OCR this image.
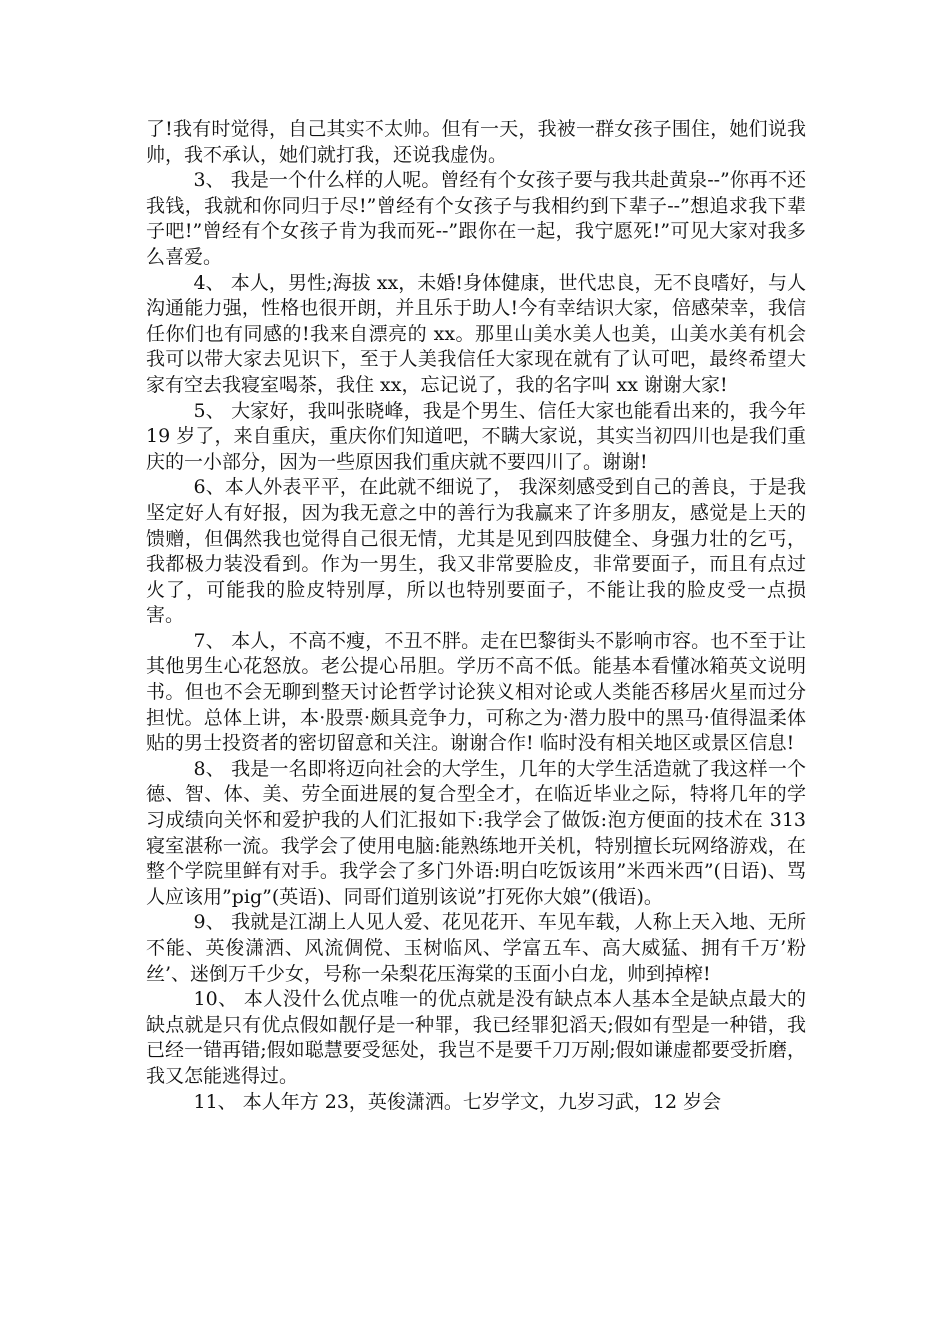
了!我有时觉得，自己其实不太帅。但有一天，我被一群女孩子围住，她们说我帅，我不承认，她们就打我，还说我虚伪。

3、 我是一个什么样的人呢。曾经有个女孩子要与我共赴黄泉--”你再不还我钱，我就和你同归于尽!”曾经有个女孩子与我相约到下辈子--”想追求我下辈子吧!”曾经有个女孩子肯为我而死--”跟你在一起，我宁愿死!”可见大家对我多么喜爱。

4、 本人，男性;海拔 xx，未婚!身体健康，世代忠良，无不良嗜好，与人沟通能力强，性格也很开朗，并且乐于助人!今有幸结识大家，倍感荣幸，我信任你们也有同感的!我来自漂亮的 xx。那里山美水美人也美，山美水美有机会我可以带大家去见识下，至于人美我信任大家现在就有了认可吧，最终希望大家有空去我寝室喝茶，我住 xx，忘记说了，我的名字叫 xx 谢谢大家!

5、 大家好，我叫张晓峰，我是个男生、信任大家也能看出来的，我今年 19 岁了，来自重庆，重庆你们知道吧，不瞒大家说，其实当初四川也是我们重庆的一小部分，因为一些原因我们重庆就不要四川了。谢谢!

6、本人外表平平，在此就不细说了， 我深刻感受到自己的善良，于是我坚定好人有好报，因为我无意之中的善行为我赢来了许多朋友，感觉是上天的馈赠，但偶然我也觉得自己很无情，尤其是见到四肢健全、身强力壮的乞丐，我都极力装没看到。作为一男生，我又非常要脸皮，非常要面子，而且有点过火了，可能我的脸皮特别厚，所以也特别要面子，不能让我的脸皮受一点损害。

7、 本人，不高不瘦，不丑不胖。走在巴黎街头不影响市容。也不至于让其他男生心花怒放。老公提心吊胆。学历不高不低。能基本看懂冰箱英文说明书。但也不会无聊到整天讨论哲学讨论狭义相对论或人类能否移居火星而过分担忧。总体上讲，本·股票·颇具竞争力，可称之为·潜力股中的黑马·值得温柔体贴的男士投资者的密切留意和关注。谢谢合作! 临时没有相关地区或景区信息!

8、 我是一名即将迈向社会的大学生，几年的大学生活造就了我这样一个德、智、体、美、劳全面进展的复合型全才，在临近毕业之际，特将几年的学习成绩向关怀和爱护我的人们汇报如下:我学会了做饭:泡方便面的技术在 313 寝室湛称一流。我学会了使用电脑:能熟练地开关机，特别擅长玩网络游戏，在整个学院里鲜有对手。我学会了多门外语:明白吃饭该用”米西米西”(日语)、骂人应该用”pig”(英语)、同哥们道别该说”打死你大娘”(俄语)。

9、 我就是江湖上人见人爱、花见花开、车见车载，人称上天入地、无所不能、英俊潇洒、风流倜傥、玉树临风、学富五车、高大威猛、拥有千万’粉丝’、迷倒万千少女，号称一朵梨花压海棠的玉面小白龙，帅到掉榨!

10、 本人没什么优点唯一的优点就是没有缺点本人基本全是缺点最大的缺点就是只有优点假如靓仔是一种罪，我已经罪犯滔天;假如有型是一种错，我已经一错再错;假如聪慧要受惩处，我岂不是要千刀万剐;假如谦虚都要受折磨，我又怎能逃得过。

11、 本人年方 23，英俊潇洒。七岁学文，九岁习武，12 岁会
